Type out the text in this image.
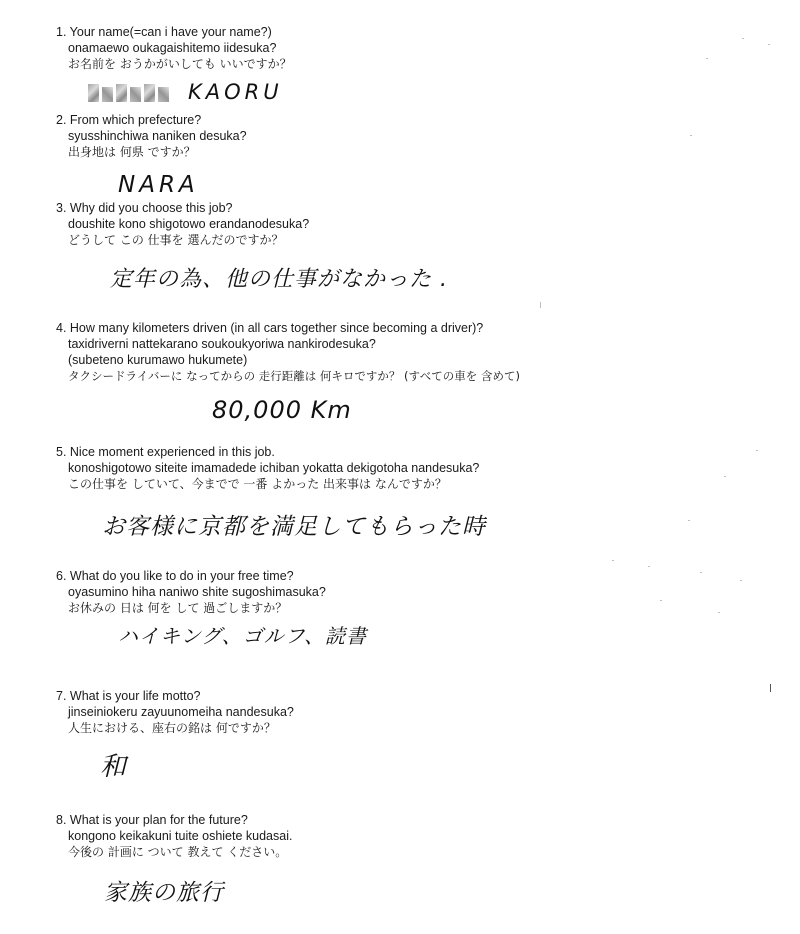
1. Your name(=can i have your name?)
onamaewo oukagaishitemo iidesuka?
お名前を おうかがいしても いいですか？
KAORU
2. From which prefecture?
syusshinchiwa naniken desuka?
出身地は 何県 ですか？
NARA
3. Why did you choose this job?
doushite kono shigotowo erandanodesuka?
どうして この 仕事を 選んだのですか？
定年の為、他の仕事がなかった .
4. How many kilometers driven (in all cars together since becoming a driver)?
taxidriverni nattekarano soukoukyoriwa nankirodesuka?
(subeteno kurumawo hukumete)
タクシードライバーに なってからの 走行距離は 何キロですか？ (すべての車を 含めて)
80,000 Km
5. Nice moment experienced in this job.
konoshigotowo siteite imamadede ichiban yokatta dekigotoha nandesuka?
この仕事を していて、今までで 一番 よかった 出来事は なんですか？
お客様に京都を満足してもらった時
6. What do you like to do in your free time?
oyasumino hiha naniwo shite sugoshimasuka?
お休みの 日は 何を して 過ごしますか？
ハイキング、ゴルフ、読書
7. What is your life motto?
jinseiniokeru zayuunomeiha nandesuka?
人生における、座右の銘は 何ですか？
和
8. What is your plan for the future?
kongono keikakuni tuite oshiete kudasai.
今後の 計画に ついて 教えて ください。
家族の旅行
